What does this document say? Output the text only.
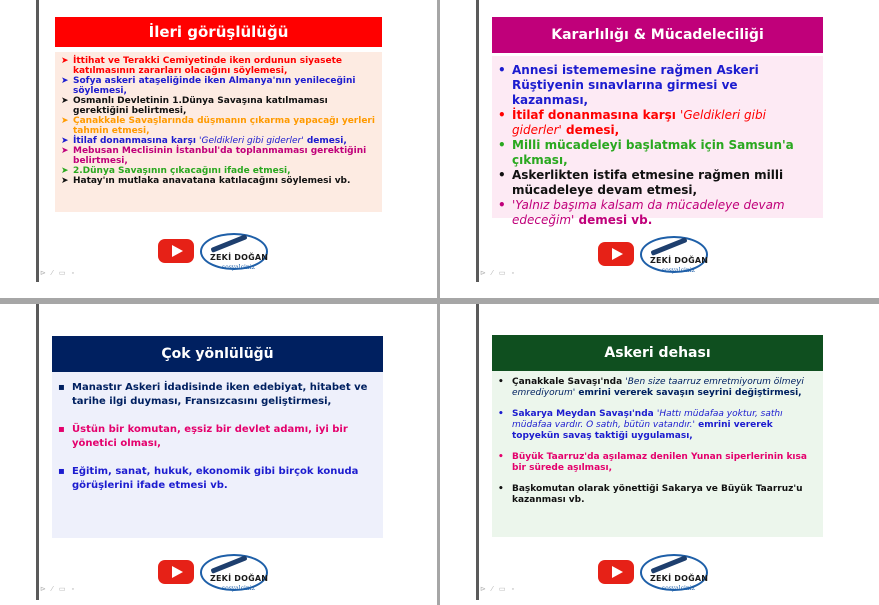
İleri görüşlülüğü
➤ İttihat ve Terakki Cemiyetinde iken ordunun siyasete katılmasının zararları olacağını söylemesi,
➤ Sofya askeri ataşeliğinde iken Almanya'nın yenileceğini söylemesi,
➤ Osmanlı Devletinin 1.Dünya Savaşına katılmaması gerektiğini belirtmesi,
➤ Çanakkale Savaşlarında düşmanın çıkarma yapacağı yerleri tahmin etmesi,
➤ İtilaf donanmasına karşı 'Geldikleri gibi giderler' demesi,
➤ Mebusan Meclisinin İstanbul'da toplanmaması gerektiğini belirtmesi,
➤ 2.Dünya Savaşının çıkacağını ifade etmesi,
➤ Hatay'ın mutlaka anavatana katılacağını söylemesi vb.
ZEKİ DOĞAN
sosyalciniz
⊳ ⁄ ▭ ▫
Kararlılığı & Mücadeleciliği
• Annesi istememesine rağmen Askeri Rüştiyenin sınavlarına girmesi ve kazanması,
• İtilaf donanmasına karşı 'Geldikleri gibi giderler' demesi,
• Milli mücadeleyi başlatmak için Samsun'a çıkması,
• Askerlikten istifa etmesine rağmen milli mücadeleye devam etmesi,
• 'Yalnız başıma kalsam da mücadeleye devam edeceğim' demesi vb.
ZEKİ DOĞAN
sosyalciniz
⊳ ⁄ ▭ ▫
Çok yönlülüğü
▪ Manastır Askeri İdadisinde iken edebiyat, hitabet ve tarihe ilgi duyması, Fransızcasını geliştirmesi,
▪ Üstün bir komutan, eşsiz bir devlet adamı, iyi bir yönetici olması,
▪ Eğitim, sanat, hukuk, ekonomik gibi birçok konuda görüşlerini ifade etmesi vb.
ZEKİ DOĞAN
sosyalciniz
⊳ ⁄ ▭ ▫
Askeri dehası
• Çanakkale Savaşı'nda 'Ben size taarruz emretmiyorum ölmeyi emrediyorum' emrini vererek savaşın seyrini değiştirmesi,
• Sakarya Meydan Savaşı'nda 'Hattı müdafaa yoktur, sathı müdafaa vardır. O satıh, bütün vatandır.' emrini vererek topyekün savaş taktiği uygulaması,
• Büyük Taarruz'da aşılamaz denilen Yunan siperlerinin kısa bir sürede aşılması,
• Başkomutan olarak yönettiği Sakarya ve Büyük Taarruz'u kazanması vb.
ZEKİ DOĞAN
sosyalciniz
⊳ ⁄ ▭ ▫
